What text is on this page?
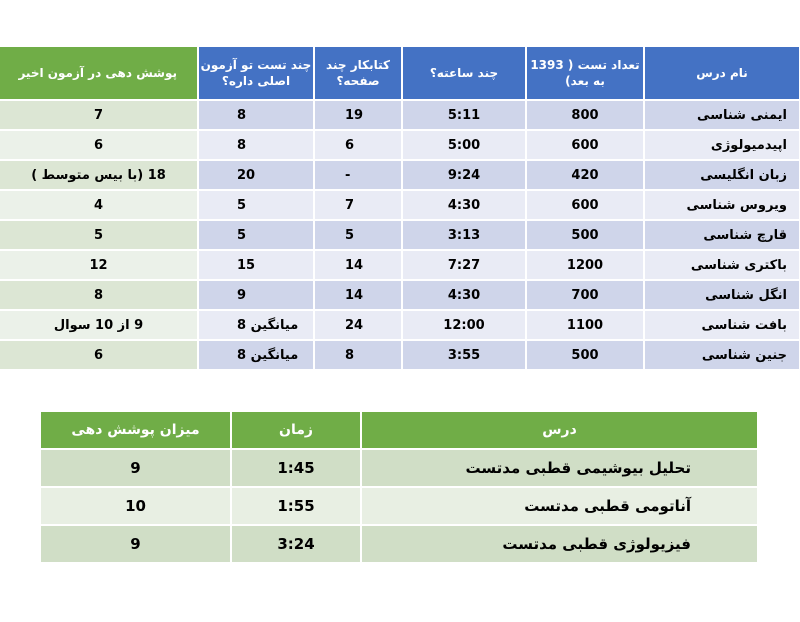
پوشش دهی در آزمون اخیر	چند تست تو آزمون اصلی داره؟	کتابکار چند صفحه؟	چند ساعته؟	تعداد تست ( 1393 به بعد)	نام درس
7	8	19	5:11	800	ایمنی شناسی
6	8	6	5:00	600	اپیدمیولوژی
18 (با بیس متوسط )	20	-	9:24	420	زبان انگلیسی
4	5	7	4:30	600	ویروس شناسی
5	5	5	3:13	500	قارچ شناسی
12	15	14	7:27	1200	باکتری شناسی
8	9	14	4:30	700	انگل شناسی
9 از 10 سوال	میانگین 8	24	12:00	1100	بافت شناسی
6	میانگین 8	8	3:55	500	جنین شناسی
میزان پوشش دهی	زمان	درس
9	1:45	تحلیل بیوشیمی قطبی مدتست
10	1:55	آناتومی قطبی مدتست
9	3:24	فیزیولوژی قطبی مدتست
